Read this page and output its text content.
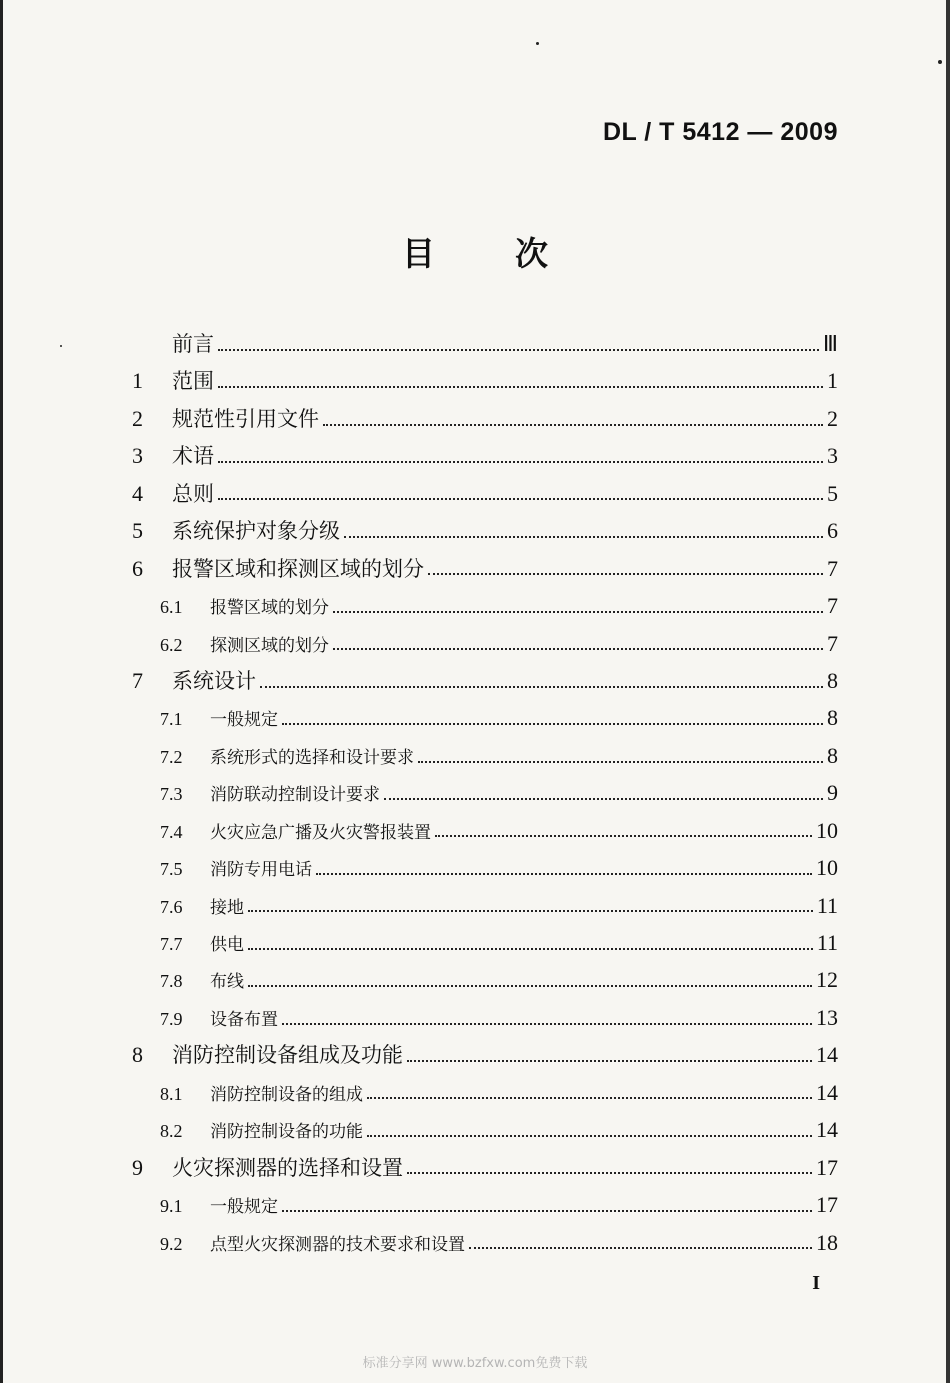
DL / T 5412 — 2009
目 次
前言	Ⅲ
1	范围	1
2	规范性引用文件	2
3	术语	3
4	总则	5
5	系统保护对象分级	6
6	报警区域和探测区域的划分	7
6.1	报警区域的划分	7
6.2	探测区域的划分	7
7	系统设计	8
7.1	一般规定	8
7.2	系统形式的选择和设计要求	8
7.3	消防联动控制设计要求	9
7.4	火灾应急广播及火灾警报装置	10
7.5	消防专用电话	10
7.6	接地	11
7.7	供电	11
7.8	布线	12
7.9	设备布置	13
8	消防控制设备组成及功能	14
8.1	消防控制设备的组成	14
8.2	消防控制设备的功能	14
9	火灾探测器的选择和设置	17
9.1	一般规定	17
9.2	点型火灾探测器的技术要求和设置	18
I
标准分享网 www.bzfxw.com免费下载
